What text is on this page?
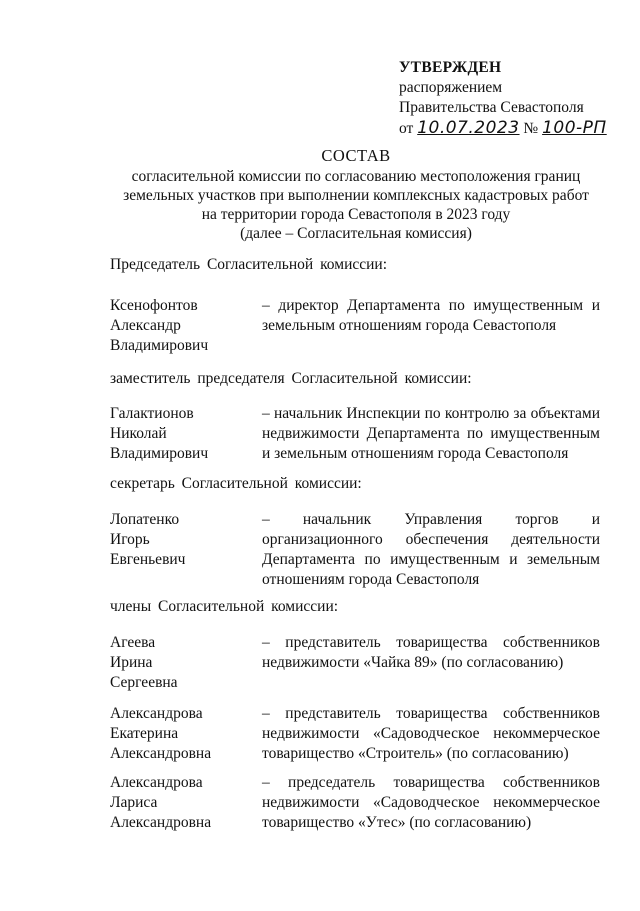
УТВЕРЖДЕН
распоряжением
Правительства Севастополя
от 10.07.2023 № 100-РП
СОСТАВ
согласительной комиссии по согласованию местоположения границ
земельных участков при выполнении комплексных кадастровых работ
на территории города Севастополя в 2023 году
(далее – Согласительная комиссия)
Председатель Согласительной комиссии:
Ксенофонтов
Александр
Владимирович
– директор Департамента по имущественным и земельным отношениям города Севастополя
заместитель председателя Согласительной комиссии:
Галактионов
Николай
Владимирович
– начальник Инспекции по контролю за объектами недвижимости Департамента по имущественным и земельным отношениям города Севастополя
секретарь Согласительной комиссии:
Лопатенко
Игорь
Евгеньевич
– начальник Управления торгов и организационного обеспечения деятельности Департамента по имущественным и земельным отношениям города Севастополя
члены Согласительной комиссии:
Агеева
Ирина
Сергеевна
– представитель товарищества собственников недвижимости «Чайка 89» (по согласованию)
Александрова
Екатерина
Александровна
– представитель товарищества собственников недвижимости «Садоводческое некоммерческое товарищество «Строитель» (по согласованию)
Александрова
Лариса
Александровна
– председатель товарищества собственников недвижимости «Садоводческое некоммерческое товарищество «Утес» (по согласованию)
